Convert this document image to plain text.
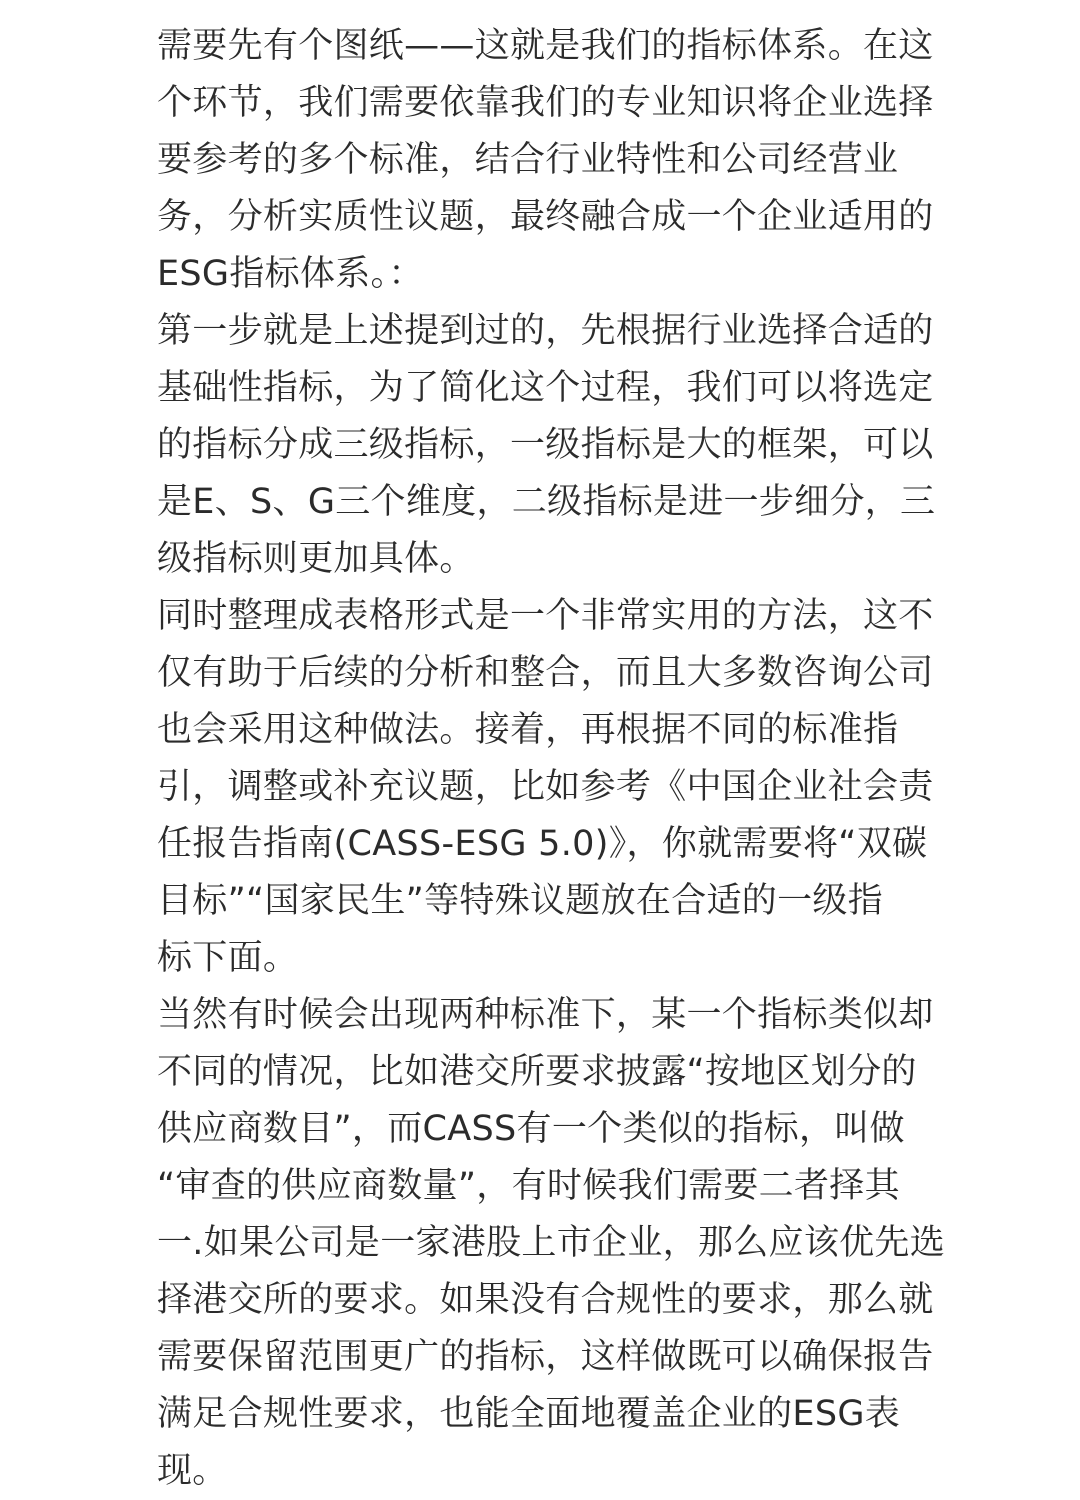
需要先有个图纸——这就是我们的指标体系。在这
个环节，我们需要依靠我们的专业知识将企业选择
要参考的多个标准，结合行业特性和公司经营业
务，分析实质性议题，最终融合成一个企业适用的
ESG指标体系。：
第一步就是上述提到过的，先根据行业选择合适的
基础性指标，为了简化这个过程，我们可以将选定
的指标分成三级指标，一级指标是大的框架，可以
是E、S、G三个维度，二级指标是进一步细分，三
级指标则更加具体。
同时整理成表格形式是一个非常实用的方法，这不
仅有助于后续的分析和整合，而且大多数咨询公司
也会采用这种做法。接着，再根据不同的标准指
引，调整或补充议题，比如参考《中国企业社会责
任报告指南(CASS-ESG 5.0)》，你就需要将“双碳
目标”“国家民生”等特殊议题放在合适的一级指
标下面。
当然有时候会出现两种标准下，某一个指标类似却
不同的情况，比如港交所要求披露“按地区划分的
供应商数目”，而CASS有一个类似的指标，叫做
“审查的供应商数量”，有时候我们需要二者择其
一.如果公司是一家港股上市企业，那么应该优先选
择港交所的要求。如果没有合规性的要求，那么就
需要保留范围更广的指标，这样做既可以确保报告
满足合规性要求，也能全面地覆盖企业的ESG表
现。
